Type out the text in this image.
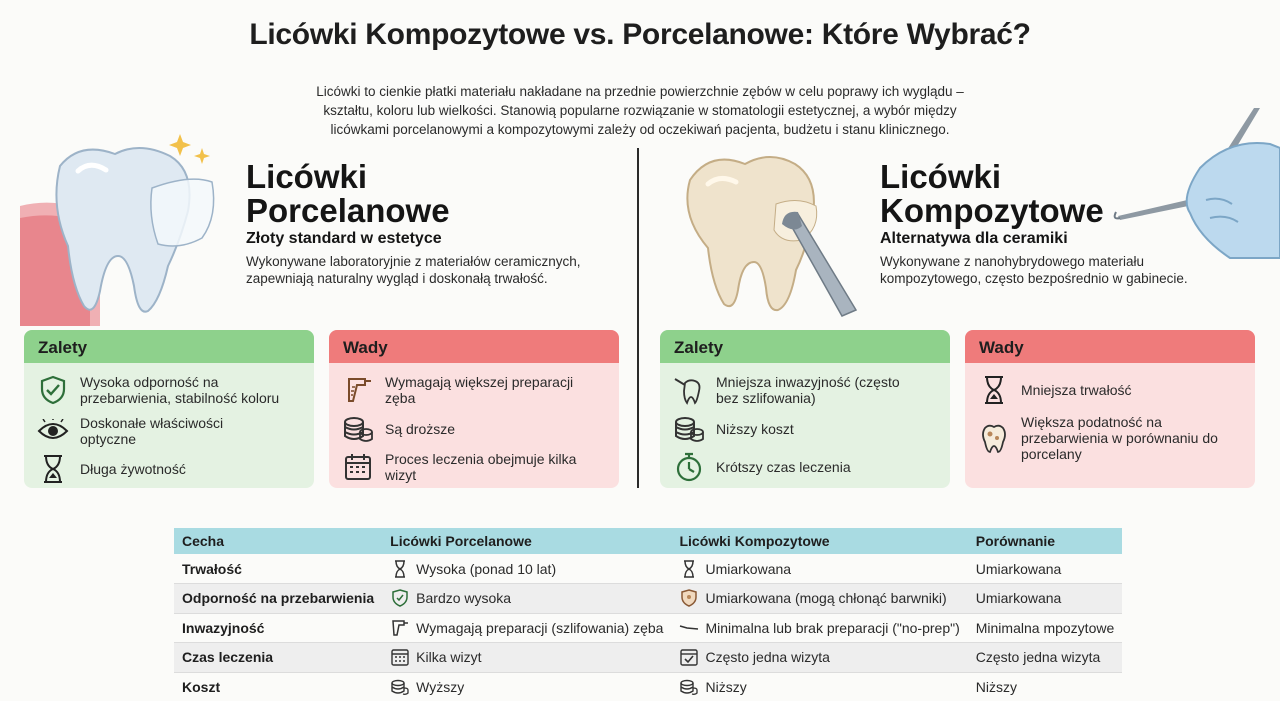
Licówki Kompozytowe vs. Porcelanowe: Które Wybrać?
Licówki to cienkie płatki materiału nakładane na przednie powierzchnie zębów w celu poprawy ich wyglądu –
kształtu, koloru lub wielkości. Stanowią popularne rozwiązanie w stomatologii estetycznej, a wybór między
licówkami porcelanowymi a kompozytowymi zależy od oczekiwań pacjenta, budżetu i stanu klinicznego.
Licówki
Porcelanowe
Złoty standard w estetyce
Wykonywane laboratoryjnie z materiałów ceramicznych,
zapewniają naturalny wygląd i doskonałą trwałość.
Licówki
Kompozytowe
Alternatywa dla ceramiki
Wykonywane z nanohybrydowego materiału
kompozytowego, często bezpośrednio w gabinecie.
Zalety
Wysoka odporność na
przebarwienia, stabilność koloru
Doskonałe właściwości
optyczne
Długa żywotność
Wady
Wymagają większej preparacji
zęba
Są droższe
Proces leczenia obejmuje kilka
wizyt
Zalety
Mniejsza inwazyjność (często
bez szlifowania)
Niższy koszt
Krótszy czas leczenia
Wady
Mniejsza trwałość
Większa podatność na
przebarwienia w porównaniu do
porcelany
Cecha	Licówki Porcelanowe	Licówki Kompozytowe	Porównanie
Trwałość	Wysoka (ponad 10 lat)	Umiarkowana	Umiarkowana
Odporność na przebarwienia	Bardzo wysoka	Umiarkowana (mogą chłonąć barwniki)	Umiarkowana
Inwazyjność	Wymagają preparacji (szlifowania) zęba	Minimalna lub brak preparacji ("no-prep")	Minimalna mpozytowe
Czas leczenia	Kilka wizyt	Często jedna wizyta	Często jedna wizyta
Koszt	Wyższy	Niższy	Niższy
